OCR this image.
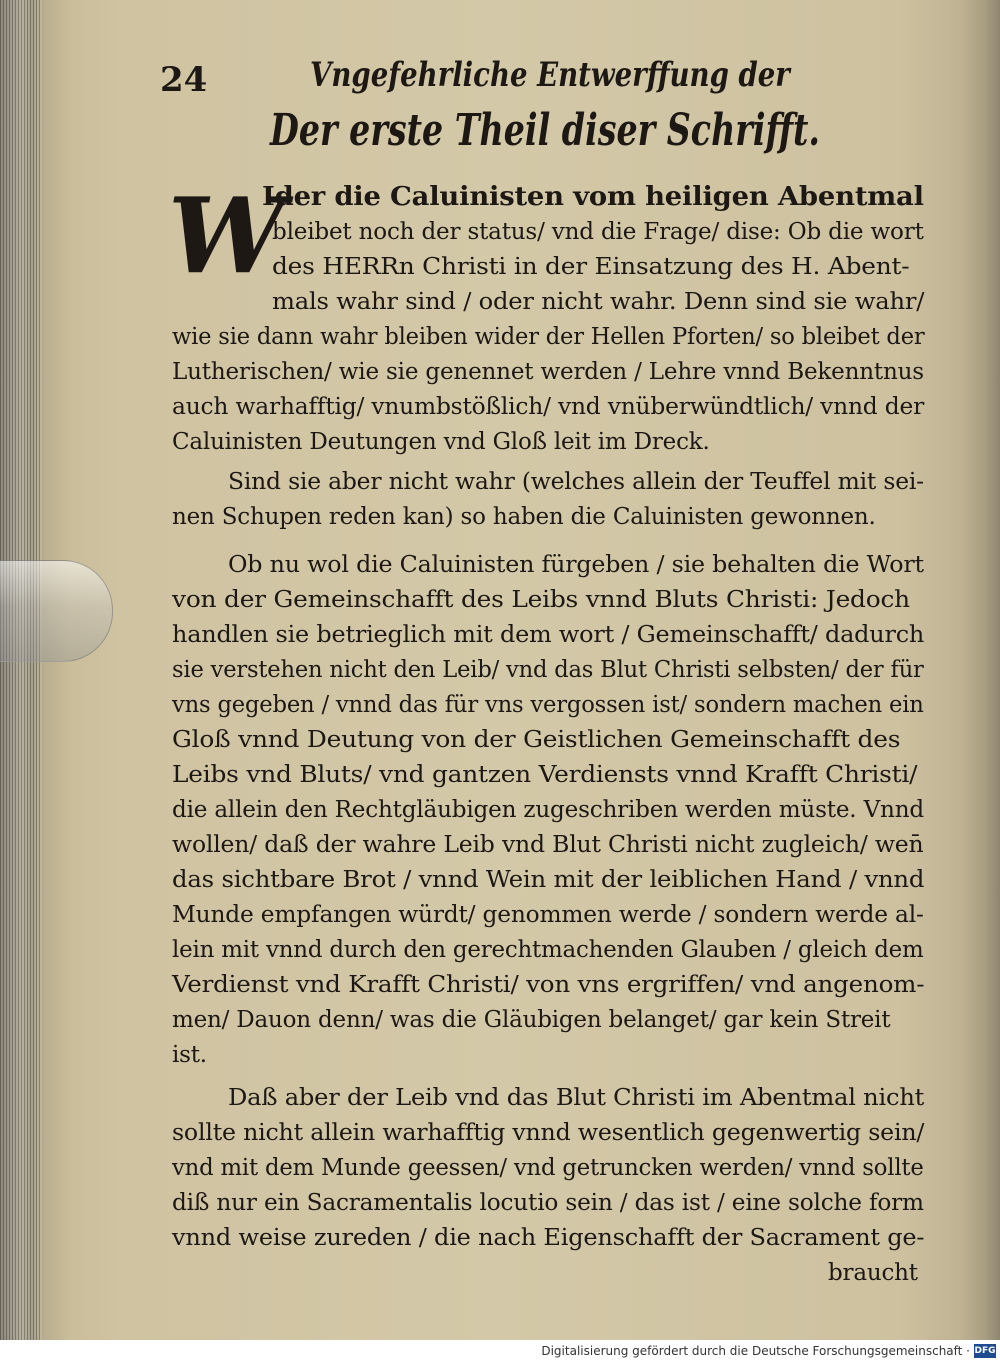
24	Vngefehrliche Entwerffung der
Der erste Theil diser Schrifft.
W
Ider die Caluinisten vom heiligen Abentmal
bleibet noch der status/ vnd die Frage/ dise: Ob die wort
des HERRn Christi in der Einsatzung des H. Abent-
mals wahr sind / oder nicht wahr. Denn sind sie wahr/
wie sie dann wahr bleiben wider der Hellen Pforten/ so bleibet der
Lutherischen/ wie sie genennet werden / Lehre vnnd Bekenntnus
auch warhafftig/ vnumbstößlich/ vnd vnüberwündtlich/ vnnd der
Caluinisten Deutungen vnd Gloß leit im Dreck.
Sind sie aber nicht wahr (welches allein der Teuffel mit sei-
nen Schupen reden kan) so haben die Caluinisten gewonnen.
Ob nu wol die Caluinisten fürgeben / sie behalten die Wort
von der Gemeinschafft des Leibs vnnd Bluts Christi: Jedoch
handlen sie betrieglich mit dem wort / Gemeinschafft/ dadurch
sie verstehen nicht den Leib/ vnd das Blut Christi selbsten/ der für
vns gegeben / vnnd das für vns vergossen ist/ sondern machen ein
Gloß vnnd Deutung von der Geistlichen Gemeinschafft des
Leibs vnd Bluts/ vnd gantzen Verdiensts vnnd Krafft Christi/
die allein den Rechtgläubigen zugeschriben werden müste. Vnnd
wollen/ daß der wahre Leib vnd Blut Christi nicht zugleich/ wen̄
das sichtbare Brot / vnnd Wein mit der leiblichen Hand / vnnd
Munde empfangen würdt/ genommen werde / sondern werde al-
lein mit vnnd durch den gerechtmachenden Glauben / gleich dem
Verdienst vnd Krafft Christi/ von vns ergriffen/ vnd angenom-
men/ Dauon denn/ was die Gläubigen belanget/ gar kein Streit
ist.
Daß aber der Leib vnd das Blut Christi im Abentmal nicht
sollte nicht allein warhafftig vnnd wesentlich gegenwertig sein/
vnd mit dem Munde geessen/ vnd getruncken werden/ vnnd sollte
diß nur ein Sacramentalis locutio sein / das ist / eine solche form
vnnd weise zureden / die nach Eigenschafft der Sacrament ge-
braucht
Digitalisierung gefördert durch die Deutsche Forschungsgemeinschaft · DFG
